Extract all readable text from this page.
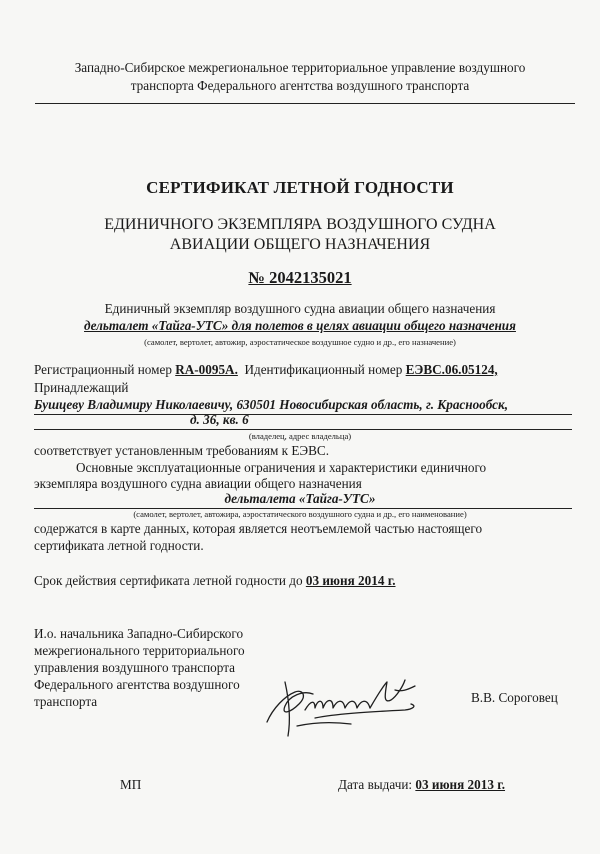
Западно-Сибирское межрегиональное территориальное управление воздушного
транспорта Федерального агентства воздушного транспорта
СЕРТИФИКАТ ЛЕТНОЙ ГОДНОСТИ
ЕДИНИЧНОГО ЭКЗЕМПЛЯРА ВОЗДУШНОГО СУДНА
АВИАЦИИ ОБЩЕГО НАЗНАЧЕНИЯ
№ 2042135021
Единичный экземпляр воздушного судна авиации общего назначения
дельталет «Тайга-УТС» для полетов в целях авиации общего назначения
(самолет, вертолет, автожир, аэростатическое воздушное судно и др., его назначение)
Регистрационный номер RA-0095A. Идентификационный номер ЕЭВС.06.05124,
Принадлежащий
Бушцеву Владимиру Николаевичу, 630501 Новосибирская область, г. Краснообск,
д. 36, кв. 6
(владелец, адрес владельца)
соответствует установленным требованиям к ЕЭВС.
Основные эксплуатационные ограничения и характеристики единичного
экземпляра воздушного судна авиации общего назначения
дельталета «Тайга-УТС»
(самолет, вертолет, автожира, аэростатического воздушного судна и др., его наименование)
содержатся в карте данных, которая является неотъемлемой частью настоящего
сертификата летной годности.
Срок действия сертификата летной годности до 03 июня 2014 г.
И.о. начальника Западно-Сибирского
межрегионального территориального
управления воздушного транспорта
Федерального агентства воздушного
транспорта	В.В. Сороговец
МП	Дата выдачи: 03 июня 2013 г.
